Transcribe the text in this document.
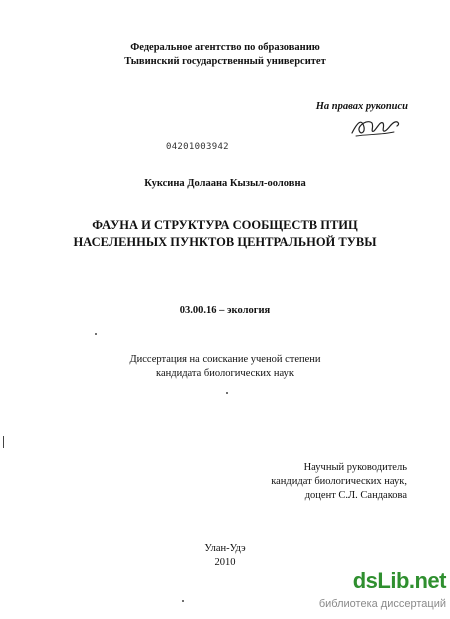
Федеральное агентство по образованию
Тывинский государственный университет
На правах рукописи
04201003942
Куксина Долаана Кызыл-ооловна
ФАУНА И СТРУКТУРА СООБЩЕСТВ ПТИЦ
НАСЕЛЕННЫХ ПУНКТОВ ЦЕНТРАЛЬНОЙ ТУВЫ
03.00.16 – экология
Диссертация на соискание ученой степени
кандидата биологических наук
Научный руководитель
кандидат биологических наук,
доцент С.Л. Сандакова
Улан-Удэ
2010
dsLib.net
библиотека диссертаций
